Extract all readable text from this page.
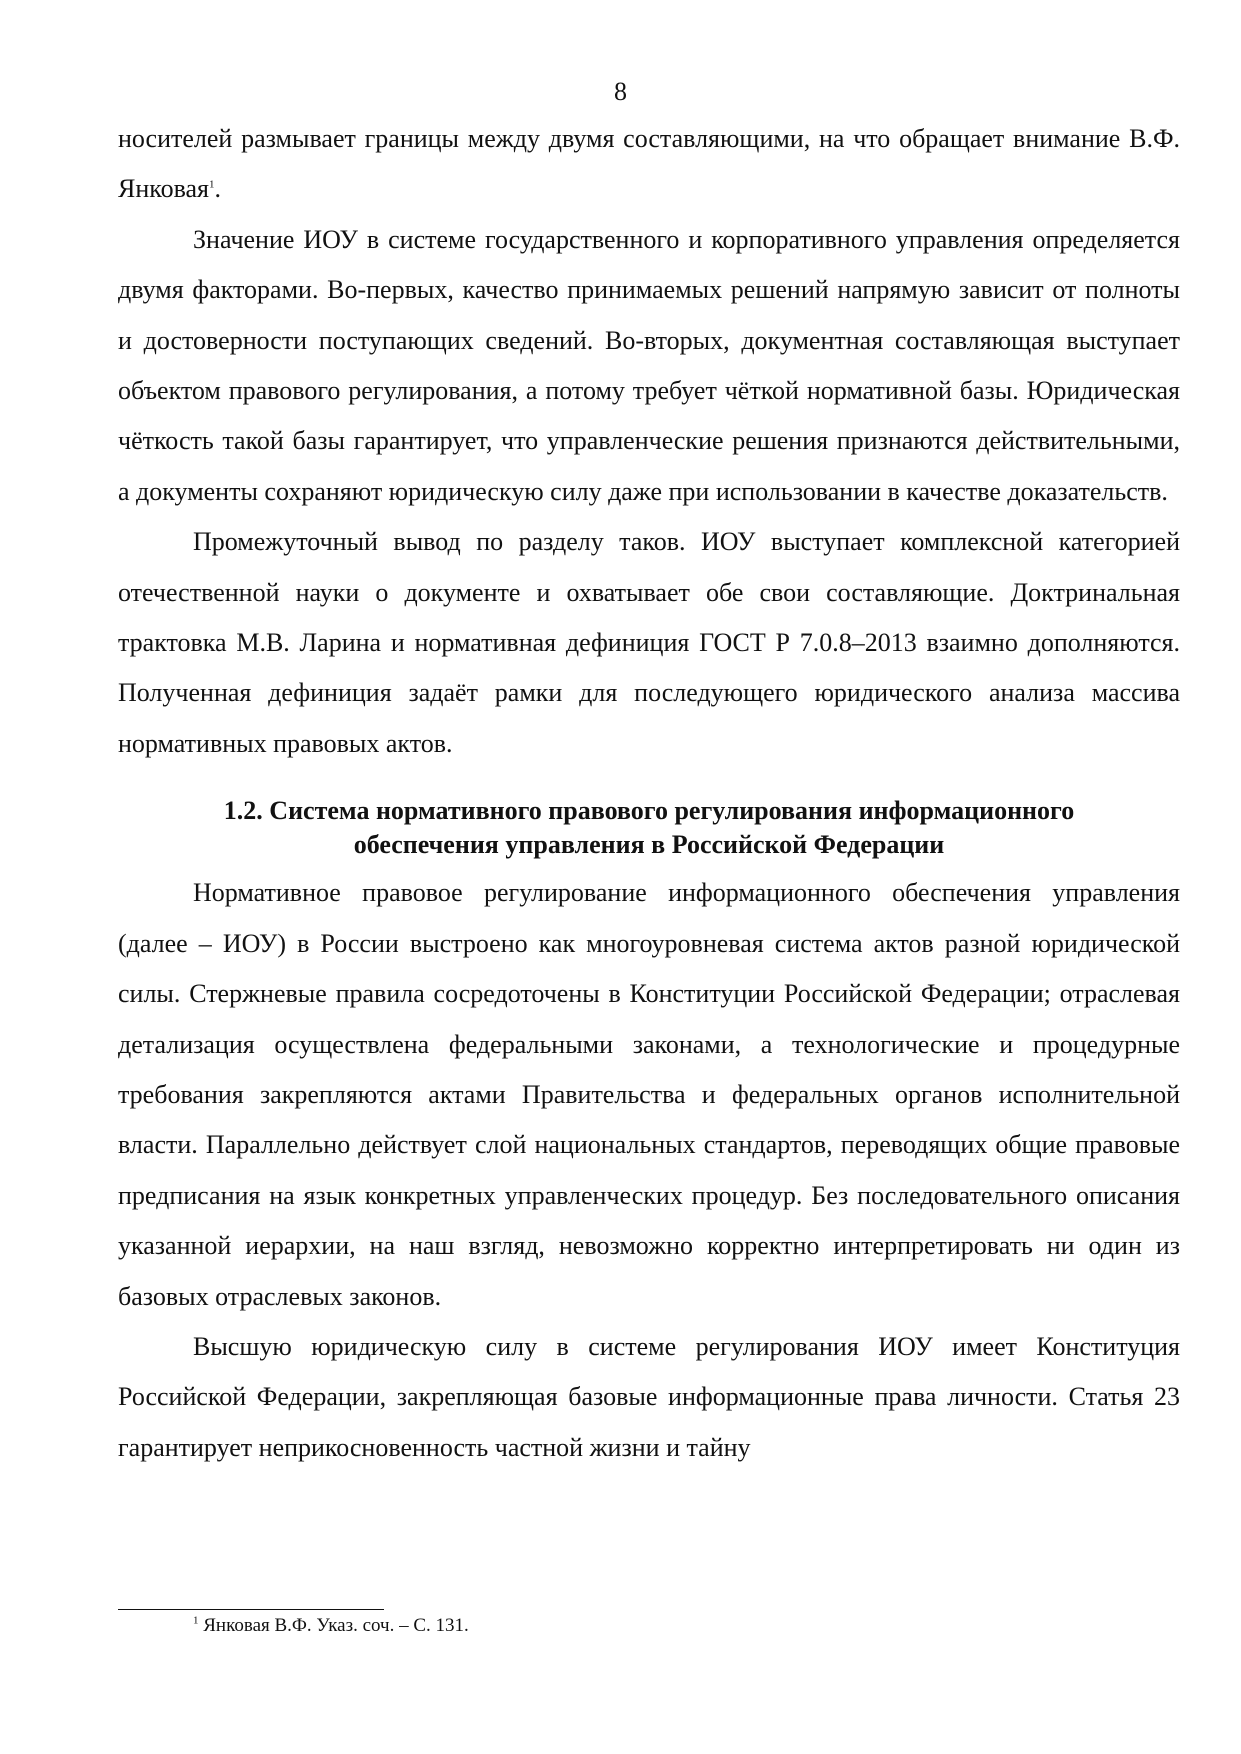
8

носителей размывает границы между двумя составляющими, на что обращает внимание В.Ф. Янковая$^1$.

Значение ИОУ в системе государственного и корпоративного управления определяется двумя факторами. Во-первых, качество принимаемых решений напрямую зависит от полноты и достоверности поступающих сведений. Во-вторых, документная составляющая выступает объектом правового регулирования, а потому требует чёткой нормативной базы. Юридическая чёткость такой базы гарантирует, что управленческие решения признаются действительными, а документы сохраняют юридическую силу даже при использовании в качестве доказательств.

Промежуточный вывод по разделу таков. ИОУ выступает комплексной категорией отечественной науки о документе и охватывает обе свои составляющие. Доктринальная трактовка М.В. Ларина и нормативная дефиниция ГОСТ Р 7.0.8–2013 взаимно дополняются. Полученная дефиниция задаёт рамки для последующего юридического анализа массива нормативных правовых актов.

1.2. Система нормативного правового регулирования информационного обеспечения управления в Российской Федерации

Нормативное правовое регулирование информационного обеспечения управления (далее – ИОУ) в России выстроено как многоуровневая система актов разной юридической силы. Стержневые правила сосредоточены в Конституции Российской Федерации; отраслевая детализация осуществлена федеральными законами, а технологические и процедурные требования закрепляются актами Правительства и федеральных органов исполнительной власти. Параллельно действует слой национальных стандартов, переводящих общие правовые предписания на язык конкретных управленческих процедур. Без последовательного описания указанной иерархии, на наш взгляд, невозможно корректно интерпретировать ни один из базовых отраслевых законов.

Высшую юридическую силу в системе регулирования ИОУ имеет Конституция Российской Федерации, закрепляющая базовые информационные права личности. Статья 23 гарантирует неприкосновенность частной жизни и тайну

$^1$ Янковая В.Ф. Указ. соч. – С. 131.
